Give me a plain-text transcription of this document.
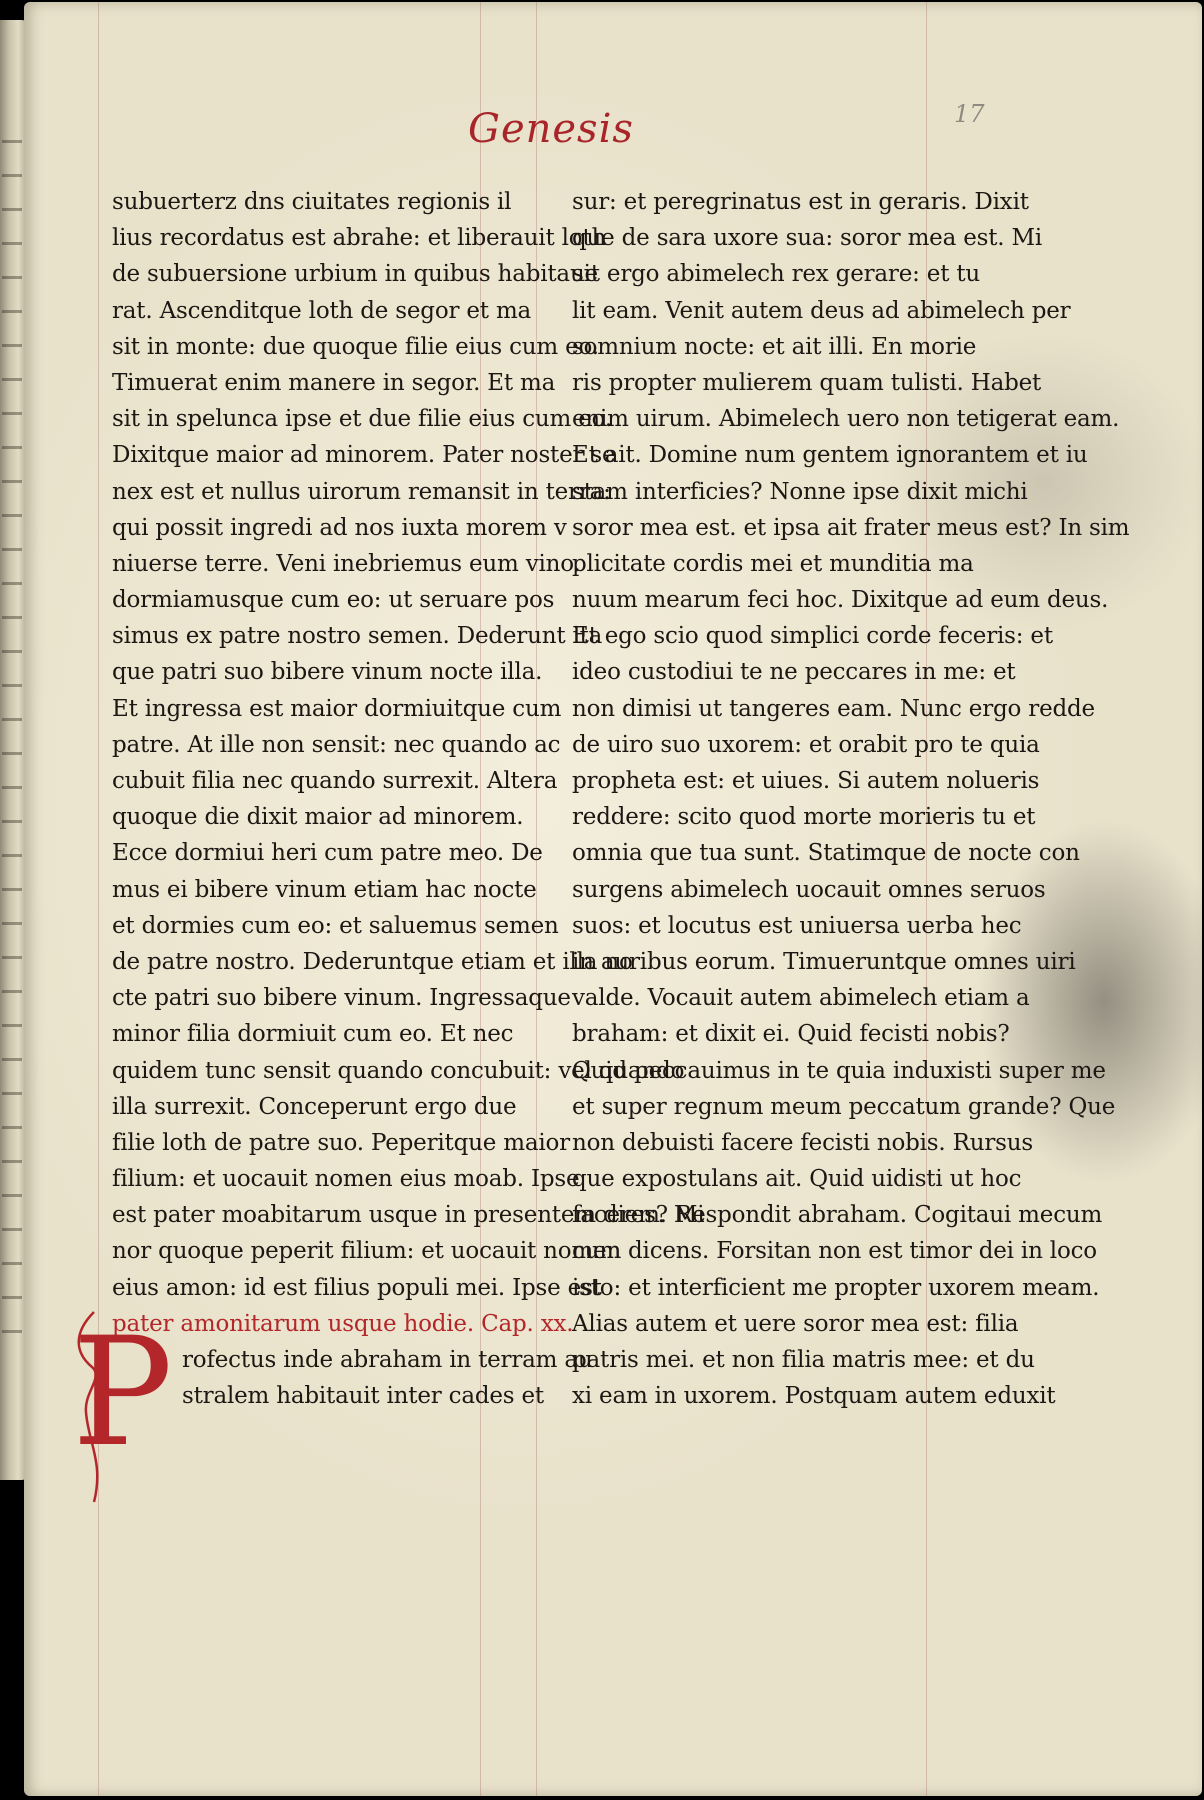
Genesis	17
P
subuerterz dns ciuitates regionis il
lius recordatus est abrahe: et liberauit loth
de subuersione urbium in quibus habitaue
rat. Ascenditque loth de segor et ma
sit in monte: due quoque filie eius cum eo.
Timuerat enim manere in segor. Et ma
sit in spelunca ipse et due filie eius cum eo.
Dixitque maior ad minorem. Pater noster se
nex est et nullus uirorum remansit in terra:
qui possit ingredi ad nos iuxta morem v
niuerse terre. Veni inebriemus eum vino.
dormiamusque cum eo: ut seruare pos
simus ex patre nostro semen. Dederunt ita
que patri suo bibere vinum nocte illa.
Et ingressa est maior dormiuitque cum
patre. At ille non sensit: nec quando ac
cubuit filia nec quando surrexit. Altera
quoque die dixit maior ad minorem.
Ecce dormiui heri cum patre meo. De
mus ei bibere vinum etiam hac nocte
et dormies cum eo: et saluemus semen
de patre nostro. Dederuntque etiam et illa no
cte patri suo bibere vinum. Ingressaque
minor filia dormiuit cum eo. Et nec
quidem tunc sensit quando concubuit: vel quando
illa surrexit. Conceperunt ergo due
filie loth de patre suo. Peperitque maior
filium: et uocauit nomen eius moab. Ipse
est pater moabitarum usque in presentem diem. Mi
nor quoque peperit filium: et uocauit nomen
eius amon: id est filius populi mei. Ipse est
pater amonitarum usque hodie. Cap. xx.
rofectus inde abraham in terram au
stralem habitauit inter cades et
sur: et peregrinatus est in geraris. Dixit
que de sara uxore sua: soror mea est. Mi
sit ergo abimelech rex gerare: et tu
lit eam. Venit autem deus ad abimelech per
somnium nocte: et ait illi. En morie
ris propter mulierem quam tulisti. Habet
enim uirum. Abimelech uero non tetigerat eam.
Et ait. Domine num gentem ignorantem et iu
stam interficies? Nonne ipse dixit michi
soror mea est. et ipsa ait frater meus est? In sim
plicitate cordis mei et munditia ma
nuum mearum feci hoc. Dixitque ad eum deus.
Et ego scio quod simplici corde feceris: et
ideo custodiui te ne peccares in me: et
non dimisi ut tangeres eam. Nunc ergo redde
de uiro suo uxorem: et orabit pro te quia
propheta est: et uiues. Si autem nolueris
reddere: scito quod morte morieris tu et
omnia que tua sunt. Statimque de nocte con
surgens abimelech uocauit omnes seruos
suos: et locutus est uniuersa uerba hec
in auribus eorum. Timueruntque omnes uiri
valde. Vocauit autem abimelech etiam a
braham: et dixit ei. Quid fecisti nobis?
Quid peccauimus in te quia induxisti super me
et super regnum meum peccatum grande? Que
non debuisti facere fecisti nobis. Rursus
que expostulans ait. Quid uidisti ut hoc
faceres? Respondit abraham. Cogitaui mecum
cum dicens. Forsitan non est timor dei in loco
isto: et interficient me propter uxorem meam.
Alias autem et uere soror mea est: filia
patris mei. et non filia matris mee: et du
xi eam in uxorem. Postquam autem eduxit
